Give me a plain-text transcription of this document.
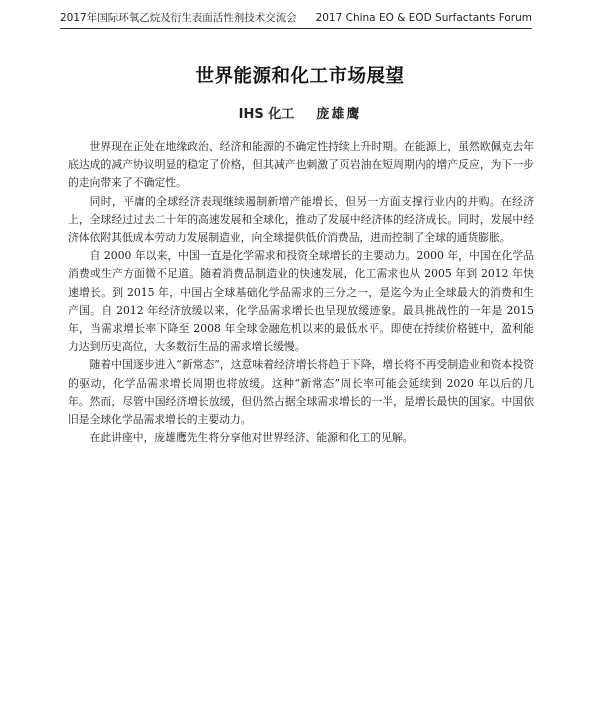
2017年国际环氧乙烷及衍生表面活性剂技术交流会 2017 China EO & EOD Surfactants Forum
世界能源和化工市场展望
IHS 化工 庞雄鹰

世界现在正处在地缘政治、经济和能源的不确定性持续上升时期。在能源上，虽然欧佩克去年底达成的减产协议明显的稳定了价格，但其减产也刺激了页岩油在短周期内的增产反应，为下一步的走向带来了不确定性。

同时，平庸的全球经济表现继续遏制新增产能增长，但另一方面支撑行业内的并购。在经济上，全球经过过去二十年的高速发展和全球化，推动了发展中经济体的经济成长。同时，发展中经济体依附其低成本劳动力发展制造业，向全球提供低价消费品，进而控制了全球的通货膨胀。

自 2000 年以来，中国一直是化学需求和投资全球增长的主要动力。2000 年，中国在化学品消费或生产方面微不足道。随着消费品制造业的快速发展，化工需求也从 2005 年到 2012 年快速增长。到 2015 年，中国占全球基础化学品需求的三分之一，是迄今为止全球最大的消费和生产国。自 2012 年经济放缓以来，化学品需求增长也呈现放缓迹象。最具挑战性的一年是 2015 年，当需求增长率下降至 2008 年全球金融危机以来的最低水平。即使在持续价格链中，盈利能力达到历史高位，大多数衍生品的需求增长缓慢。

随着中国逐步进入“新常态”，这意味着经济增长将趋于下降，增长将不再受制造业和资本投资的驱动，化学品需求增长周期也将放缓。这种“新常态”周长率可能会延续到 2020 年以后的几年。然而，尽管中国经济增长放缓，但仍然占据全球需求增长的一半，是增长最快的国家。中国依旧是全球化学品需求增长的主要动力。

在此讲座中，庞雄鹰先生将分享他对世界经济、能源和化工的见解。
